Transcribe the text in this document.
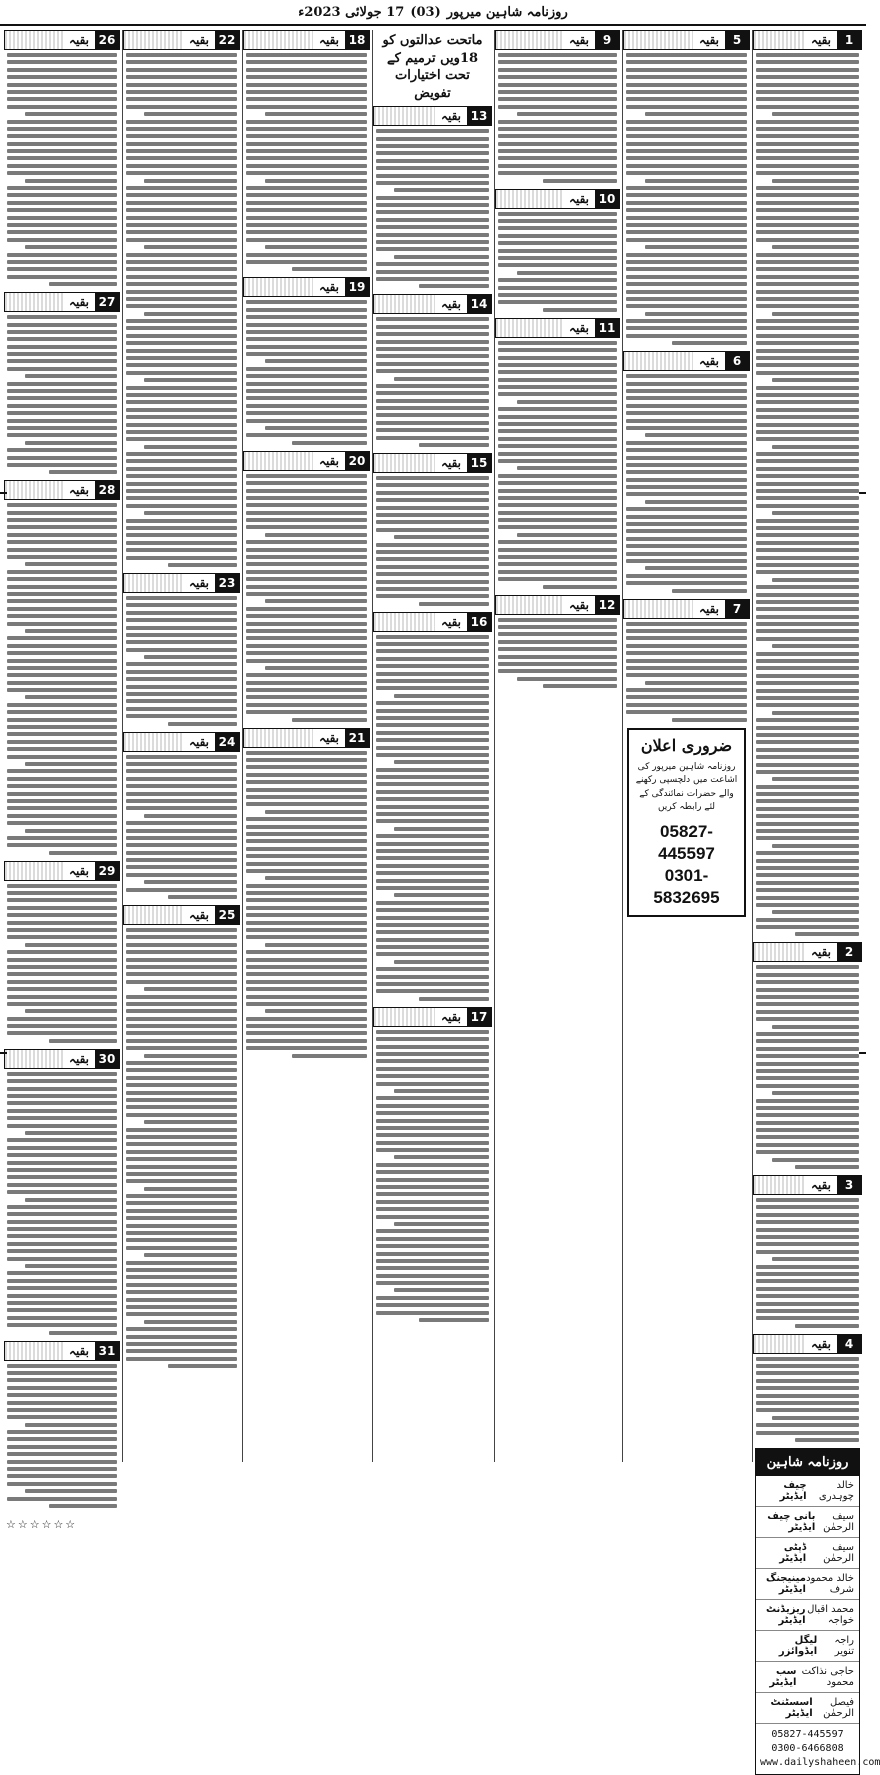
روزنامہ شاہین میرپور
(03)
17 جولائی 2023ء
1
بقیہ
2
بقیہ
3
بقیہ
4
بقیہ
روزنامہ شاہین
چیف ایڈیٹر
خالد چوہدری
بانی چیف ایڈیٹر
سیف الرحمٰن
ڈپٹی ایڈیٹر
سیف الرحمٰن
مینیجنگ ایڈیٹر
خالد محمود شرف
ریزیڈنٹ ایڈیٹر
محمد اقبال خواجہ
لیگل ایڈوائزر
راجہ تنویر
سب ایڈیٹر
حاجی نذاکت محمود
اسسٹنٹ ایڈیٹر
فیصل الرحمٰن
05827-445597
0300-6466808
www.dailyshaheen.com
5
بقیہ
6
بقیہ
7
بقیہ
ضروری اعلان
روزنامہ شاہین میرپور کی اشاعت میں دلچسپی رکھنے والے حضرات نمائندگی کے لئے رابطہ کریں
05827-445597
0301-5832695
9
بقیہ
10
بقیہ
11
بقیہ
12
بقیہ
ماتحت عدالتوں کو 18ویں ترمیم کے تحت اختیارات تفویض
13
بقیہ
14
بقیہ
15
بقیہ
16
بقیہ
17
بقیہ
18
بقیہ
19
بقیہ
20
بقیہ
21
بقیہ
22
بقیہ
23
بقیہ
24
بقیہ
25
بقیہ
26
بقیہ
27
بقیہ
28
بقیہ
29
بقیہ
30
بقیہ
31
بقیہ
☆☆☆☆☆☆
